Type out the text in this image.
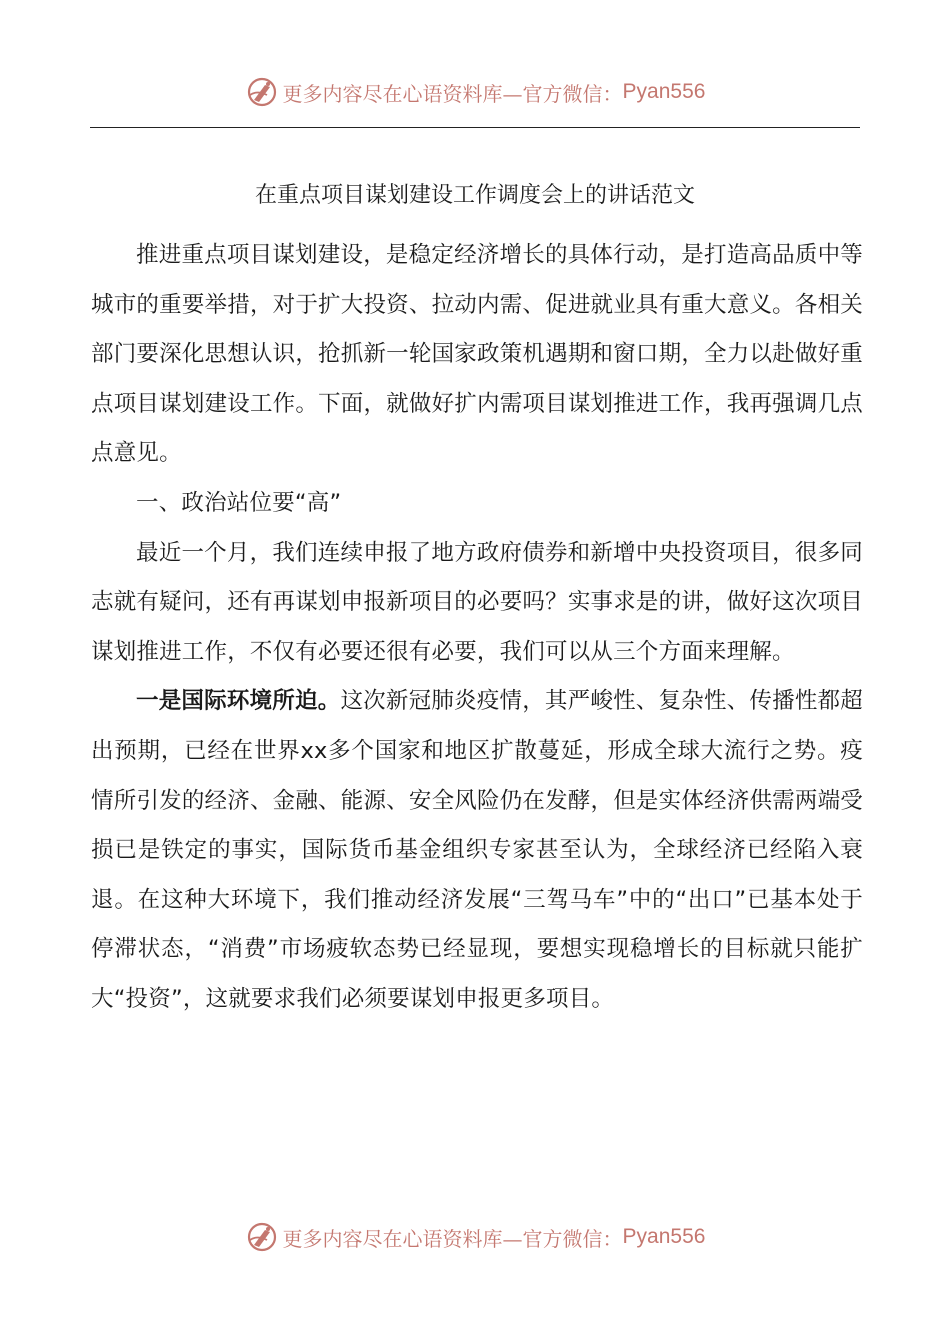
更多内容尽在心语资料库—官方微信： Pyan556
在重点项目谋划建设工作调度会上的讲话范文

推进重点项目谋划建设，是稳定经济增长的具体行动，是打造高品质中等城市的重要举措，对于扩大投资、拉动内需、促进就业具有重大意义。各相关部门要深化思想认识，抢抓新一轮国家政策机遇期和窗口期，全力以赴做好重点项目谋划建设工作。下面，就做好扩内需项目谋划推进工作，我再强调几点点意见。

一、政治站位要“高”

最近一个月，我们连续申报了地方政府债券和新增中央投资项目，很多同志就有疑问，还有再谋划申报新项目的必要吗？实事求是的讲，做好这次项目谋划推进工作，不仅有必要还很有必要，我们可以从三个方面来理解。

一是国际环境所迫。这次新冠肺炎疫情，其严峻性、复杂性、传播性都超出预期，已经在世界xx多个国家和地区扩散蔓延，形成全球大流行之势。疫情所引发的经济、金融、能源、安全风险仍在发酵，但是实体经济供需两端受损已是铁定的事实，国际货币基金组织专家甚至认为，全球经济已经陷入衰退。在这种大环境下，我们推动经济发展“三驾马车”中的“出口”已基本处于停滞状态，“消费”市场疲软态势已经显现，要想实现稳增长的目标就只能扩大“投资”，这就要求我们必须要谋划申报更多项目。

更多内容尽在心语资料库—官方微信： Pyan556
